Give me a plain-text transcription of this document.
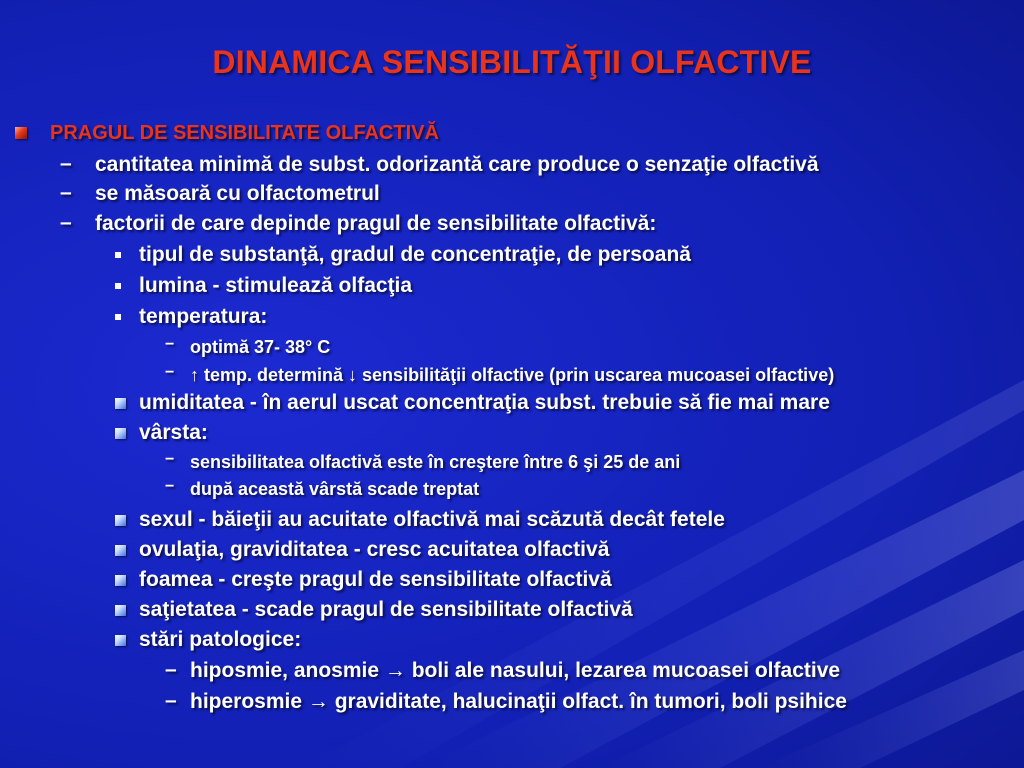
DINAMICA SENSIBILITĂŢII OLFACTIVE
PRAGUL DE SENSIBILITATE OLFACTIVĂ
– cantitatea minimă de subst. odorizantă care produce o senzaţie olfactivă
– se măsoară cu olfactometrul
– factorii de care depinde pragul de sensibilitate olfactivă:
tipul de substanţă, gradul de concentraţie, de persoană
lumina - stimulează olfacţia
temperatura:
− optimă 37- 38° C
− ↑ temp. determină ↓ sensibilităţii olfactive (prin uscarea mucoasei olfactive)
umiditatea - în aerul uscat concentraţia subst. trebuie să fie mai mare
vârsta:
− sensibilitatea olfactivă este în creştere între 6 şi 25 de ani
− după această vârstă scade treptat
sexul - băieţii au acuitate olfactivă mai scăzută decât fetele
ovulaţia, graviditatea - cresc acuitatea olfactivă
foamea - creşte pragul de sensibilitate olfactivă
saţietatea - scade pragul de sensibilitate olfactivă
stări patologice:
– hiposmie, anosmie → boli ale nasului, lezarea mucoasei olfactive
– hiperosmie → graviditate, halucinaţii olfact. în tumori, boli psihice
